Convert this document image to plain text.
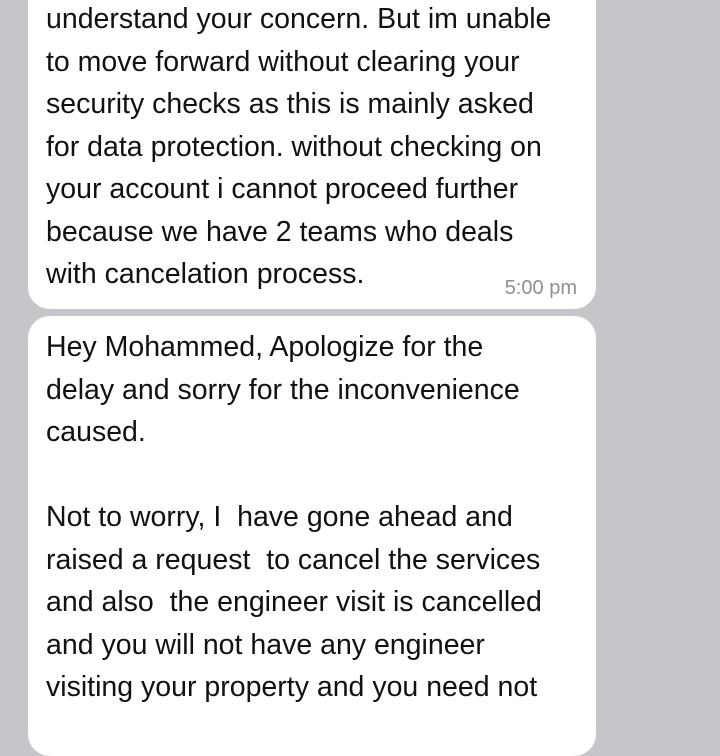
understand your concern. But im unable
to move forward without clearing your
security checks as this is mainly asked
for data protection. without checking on
your account i cannot proceed further
because we have 2 teams who deals
with cancelation process.	5:00 pm
Hey Mohammed, Apologize for the
delay and sorry for the inconvenience
caused.
Not to worry, I  have gone ahead and
raised a request  to cancel the services
and also  the engineer visit is cancelled
and you will not have any engineer
visiting your property and you need not
